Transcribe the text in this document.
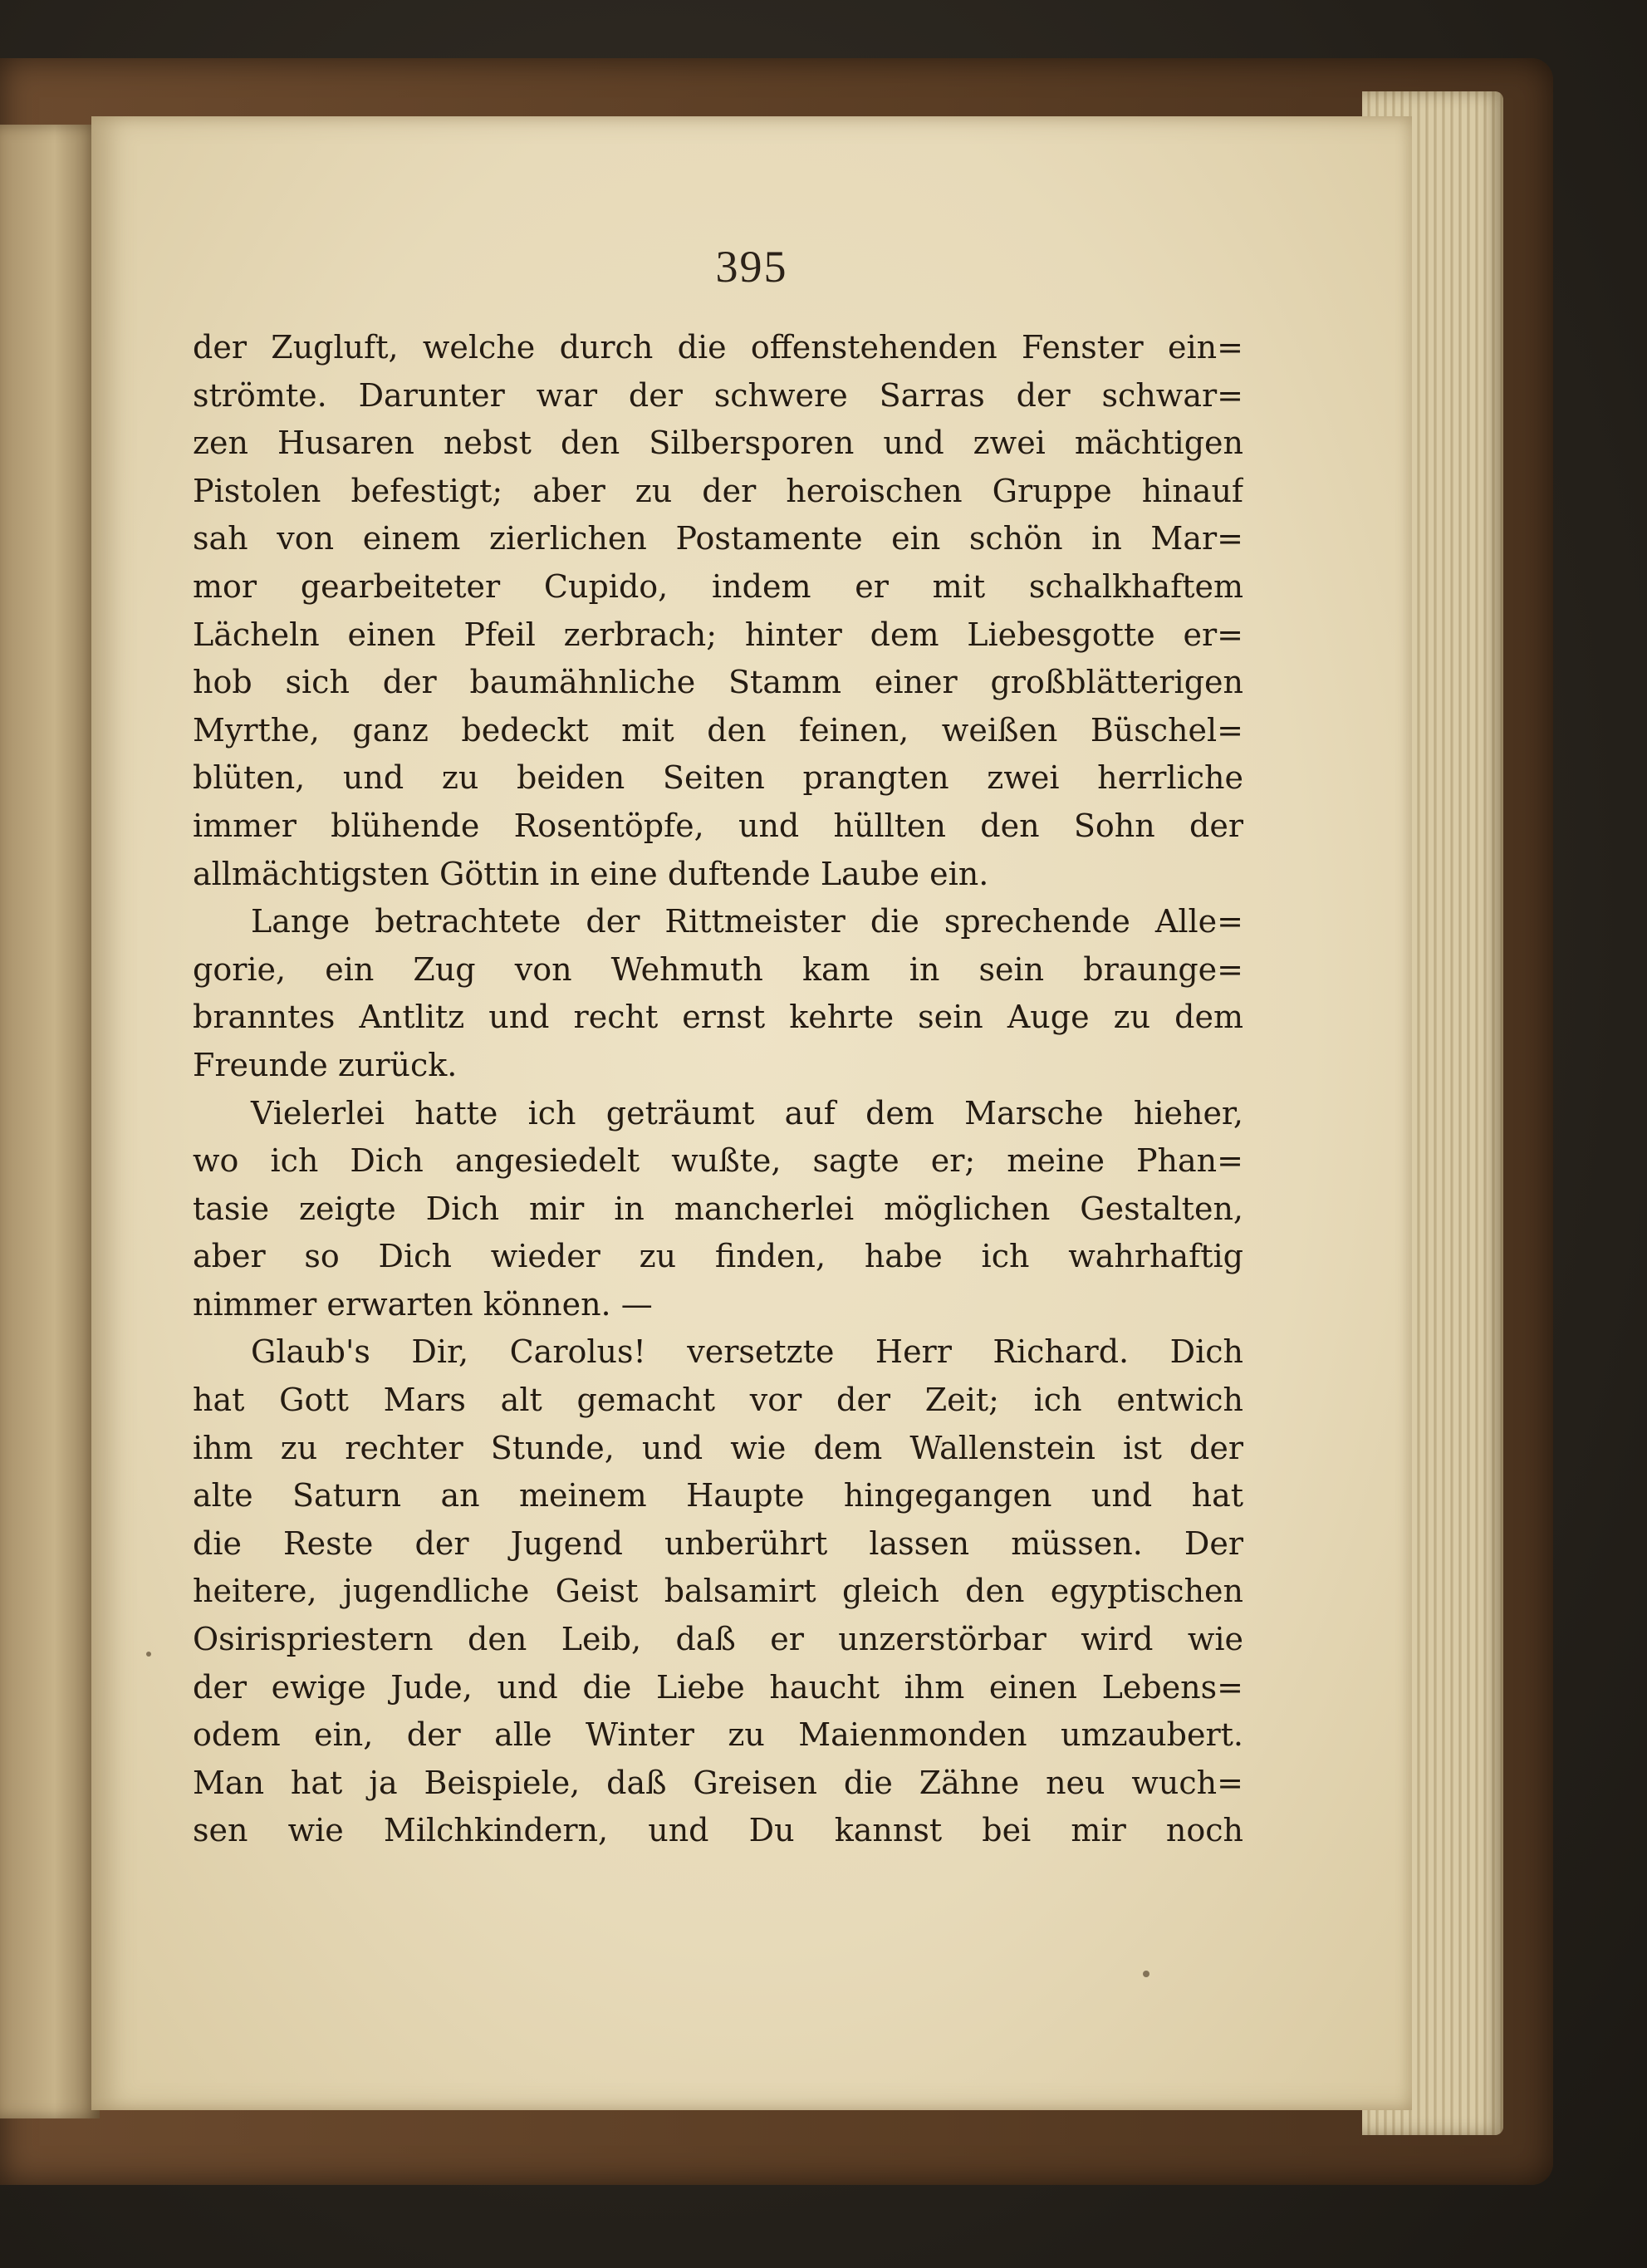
395
der Zugluft, welche durch die offenstehenden Fenster ein=
strömte. Darunter war der schwere Sarras der schwar=
zen Husaren nebst den Silbersporen und zwei mächtigen
Pistolen befestigt; aber zu der heroischen Gruppe hinauf
sah von einem zierlichen Postamente ein schön in Mar=
mor gearbeiteter Cupido, indem er mit schalkhaftem
Lächeln einen Pfeil zerbrach; hinter dem Liebesgotte er=
hob sich der baumähnliche Stamm einer großblätterigen
Myrthe, ganz bedeckt mit den feinen, weißen Büschel=
blüten, und zu beiden Seiten prangten zwei herrliche
immer blühende Rosentöpfe, und hüllten den Sohn der
allmächtigsten Göttin in eine duftende Laube ein.
Lange betrachtete der Rittmeister die sprechende Alle=
gorie, ein Zug von Wehmuth kam in sein braunge=
branntes Antlitz und recht ernst kehrte sein Auge zu dem
Freunde zurück.
Vielerlei hatte ich geträumt auf dem Marsche hieher,
wo ich Dich angesiedelt wußte, sagte er; meine Phan=
tasie zeigte Dich mir in mancherlei möglichen Gestalten,
aber so Dich wieder zu finden, habe ich wahrhaftig
nimmer erwarten können. —
Glaub's Dir, Carolus! versetzte Herr Richard. Dich
hat Gott Mars alt gemacht vor der Zeit; ich entwich
ihm zu rechter Stunde, und wie dem Wallenstein ist der
alte Saturn an meinem Haupte hingegangen und hat
die Reste der Jugend unberührt lassen müssen. Der
heitere, jugendliche Geist balsamirt gleich den egyptischen
Osirispriestern den Leib, daß er unzerstörbar wird wie
der ewige Jude, und die Liebe haucht ihm einen Lebens=
odem ein, der alle Winter zu Maienmonden umzaubert.
Man hat ja Beispiele, daß Greisen die Zähne neu wuch=
sen wie Milchkindern, und Du kannst bei mir noch
